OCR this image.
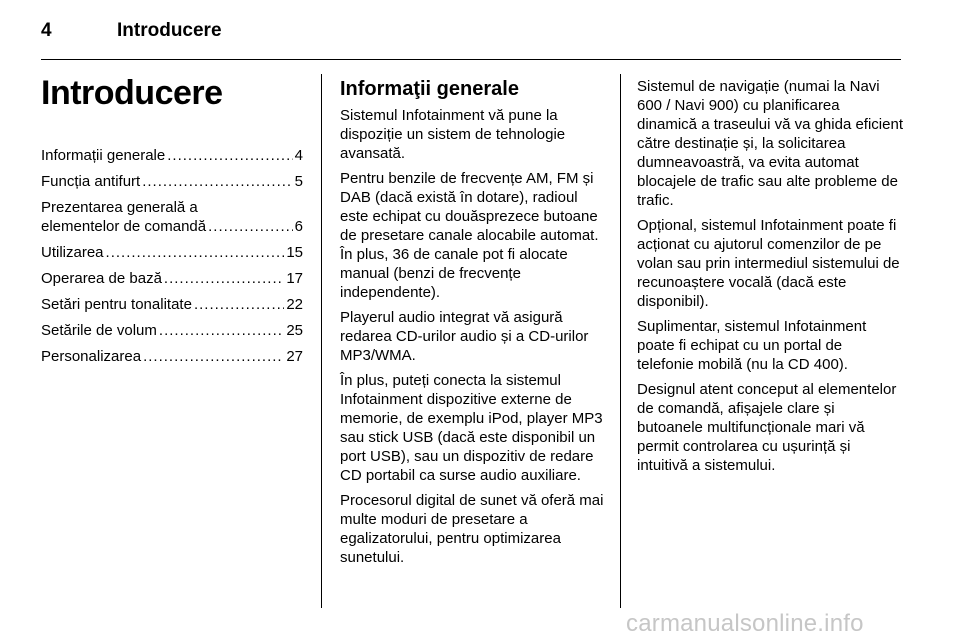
4	Introducere
Introducere
Informații generale .....	4
Funcția antifurt .....	5
Prezentarea generală a
elementelor de comandă .....	6
Utilizarea .....	15
Operarea de bază .....	17
Setări pentru tonalitate .....	22
Setările de volum .....	25
Personalizarea .....	27
Informaţii generale

Sistemul Infotainment vă pune la dispoziție un sistem de tehnologie avansată.

Pentru benzile de frecvențe AM, FM și DAB (dacă există în dotare), radioul este echipat cu douăsprezece butoane de presetare canale alocabile automat. În plus, 36 de canale pot fi alocate manual (benzi de frecvențe independente).

Playerul audio integrat vă asigură redarea CD-urilor audio și a CD-urilor MP3/WMA.

În plus, puteți conecta la sistemul Infotainment dispozitive externe de memorie, de exemplu iPod, player MP3 sau stick USB (dacă este disponibil un port USB), sau un dispozitiv de redare CD portabil ca surse audio auxiliare.

Procesorul digital de sunet vă oferă mai multe moduri de presetare a egalizatorului, pentru optimizarea sunetului.

Sistemul de navigație (numai la Navi 600 / Navi 900) cu planificarea dinamică a traseului vă va ghida eficient către destinație și, la solicitarea dumneavoastră, va evita automat blocajele de trafic sau alte probleme de trafic.

Opțional, sistemul Infotainment poate fi acționat cu ajutorul comenzilor de pe volan sau prin intermediul sistemului de recunoaștere vocală (dacă este disponibil).

Suplimentar, sistemul Infotainment poate fi echipat cu un portal de telefonie mobilă (nu la CD 400).

Designul atent conceput al elementelor de comandă, afișajele clare și butoanele multifuncționale mari vă permit controlarea cu ușurință și intuitivă a sistemului.

carmanualsonline.info
